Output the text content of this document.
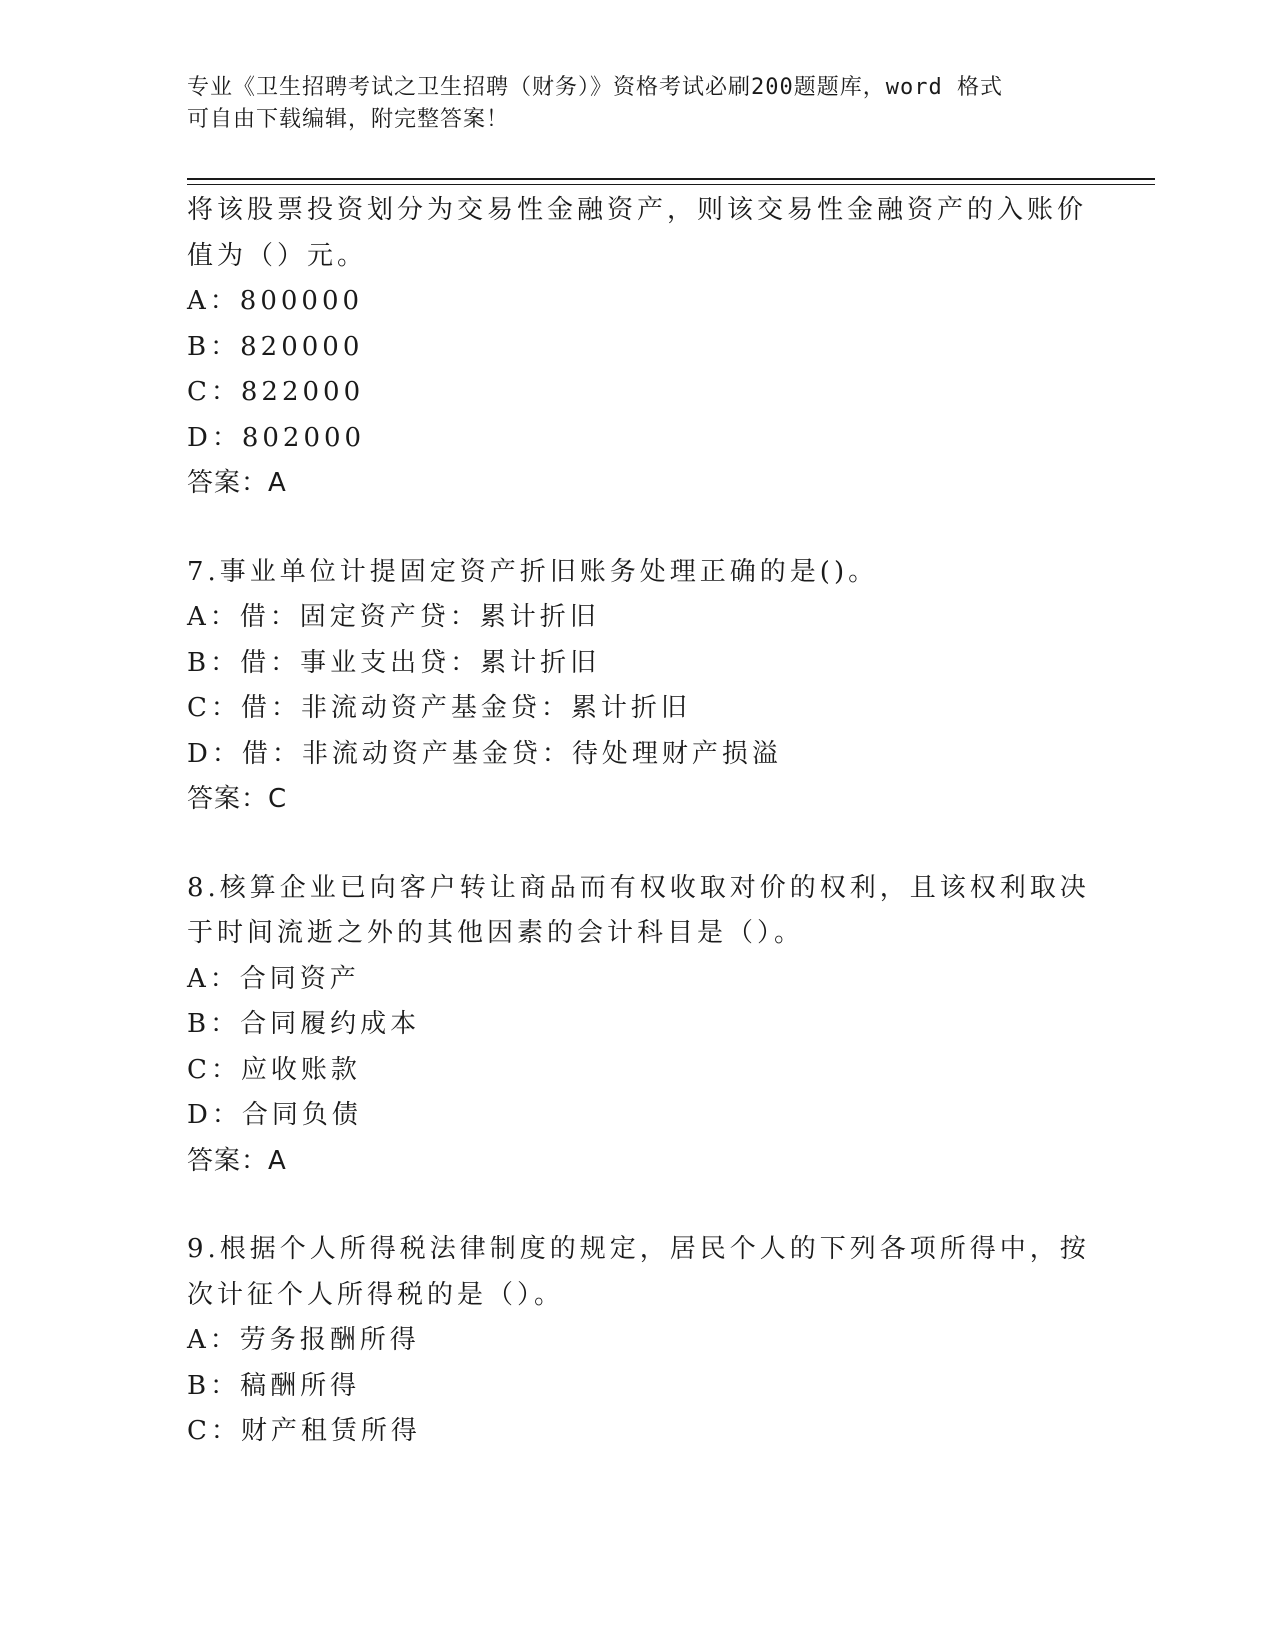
专业《卫生招聘考试之卫生招聘（财务）》资格考试必刷200题题库，word 格式
可自由下载编辑，附完整答案！
将该股票投资划分为交易性金融资产，则该交易性金融资产的入账价
值为（）元。
A：800000
B：820000
C：822000
D：802000
答案：A
7.事业单位计提固定资产折旧账务处理正确的是()。
A：借：固定资产贷：累计折旧
B：借：事业支出贷：累计折旧
C：借：非流动资产基金贷：累计折旧
D：借：非流动资产基金贷：待处理财产损溢
答案：C
8.核算企业已向客户转让商品而有权收取对价的权利，且该权利取决
于时间流逝之外的其他因素的会计科目是（）。
A：合同资产
B：合同履约成本
C：应收账款
D：合同负债
答案：A
9.根据个人所得税法律制度的规定，居民个人的下列各项所得中，按
次计征个人所得税的是（）。
A：劳务报酬所得
B：稿酬所得
C：财产租赁所得
